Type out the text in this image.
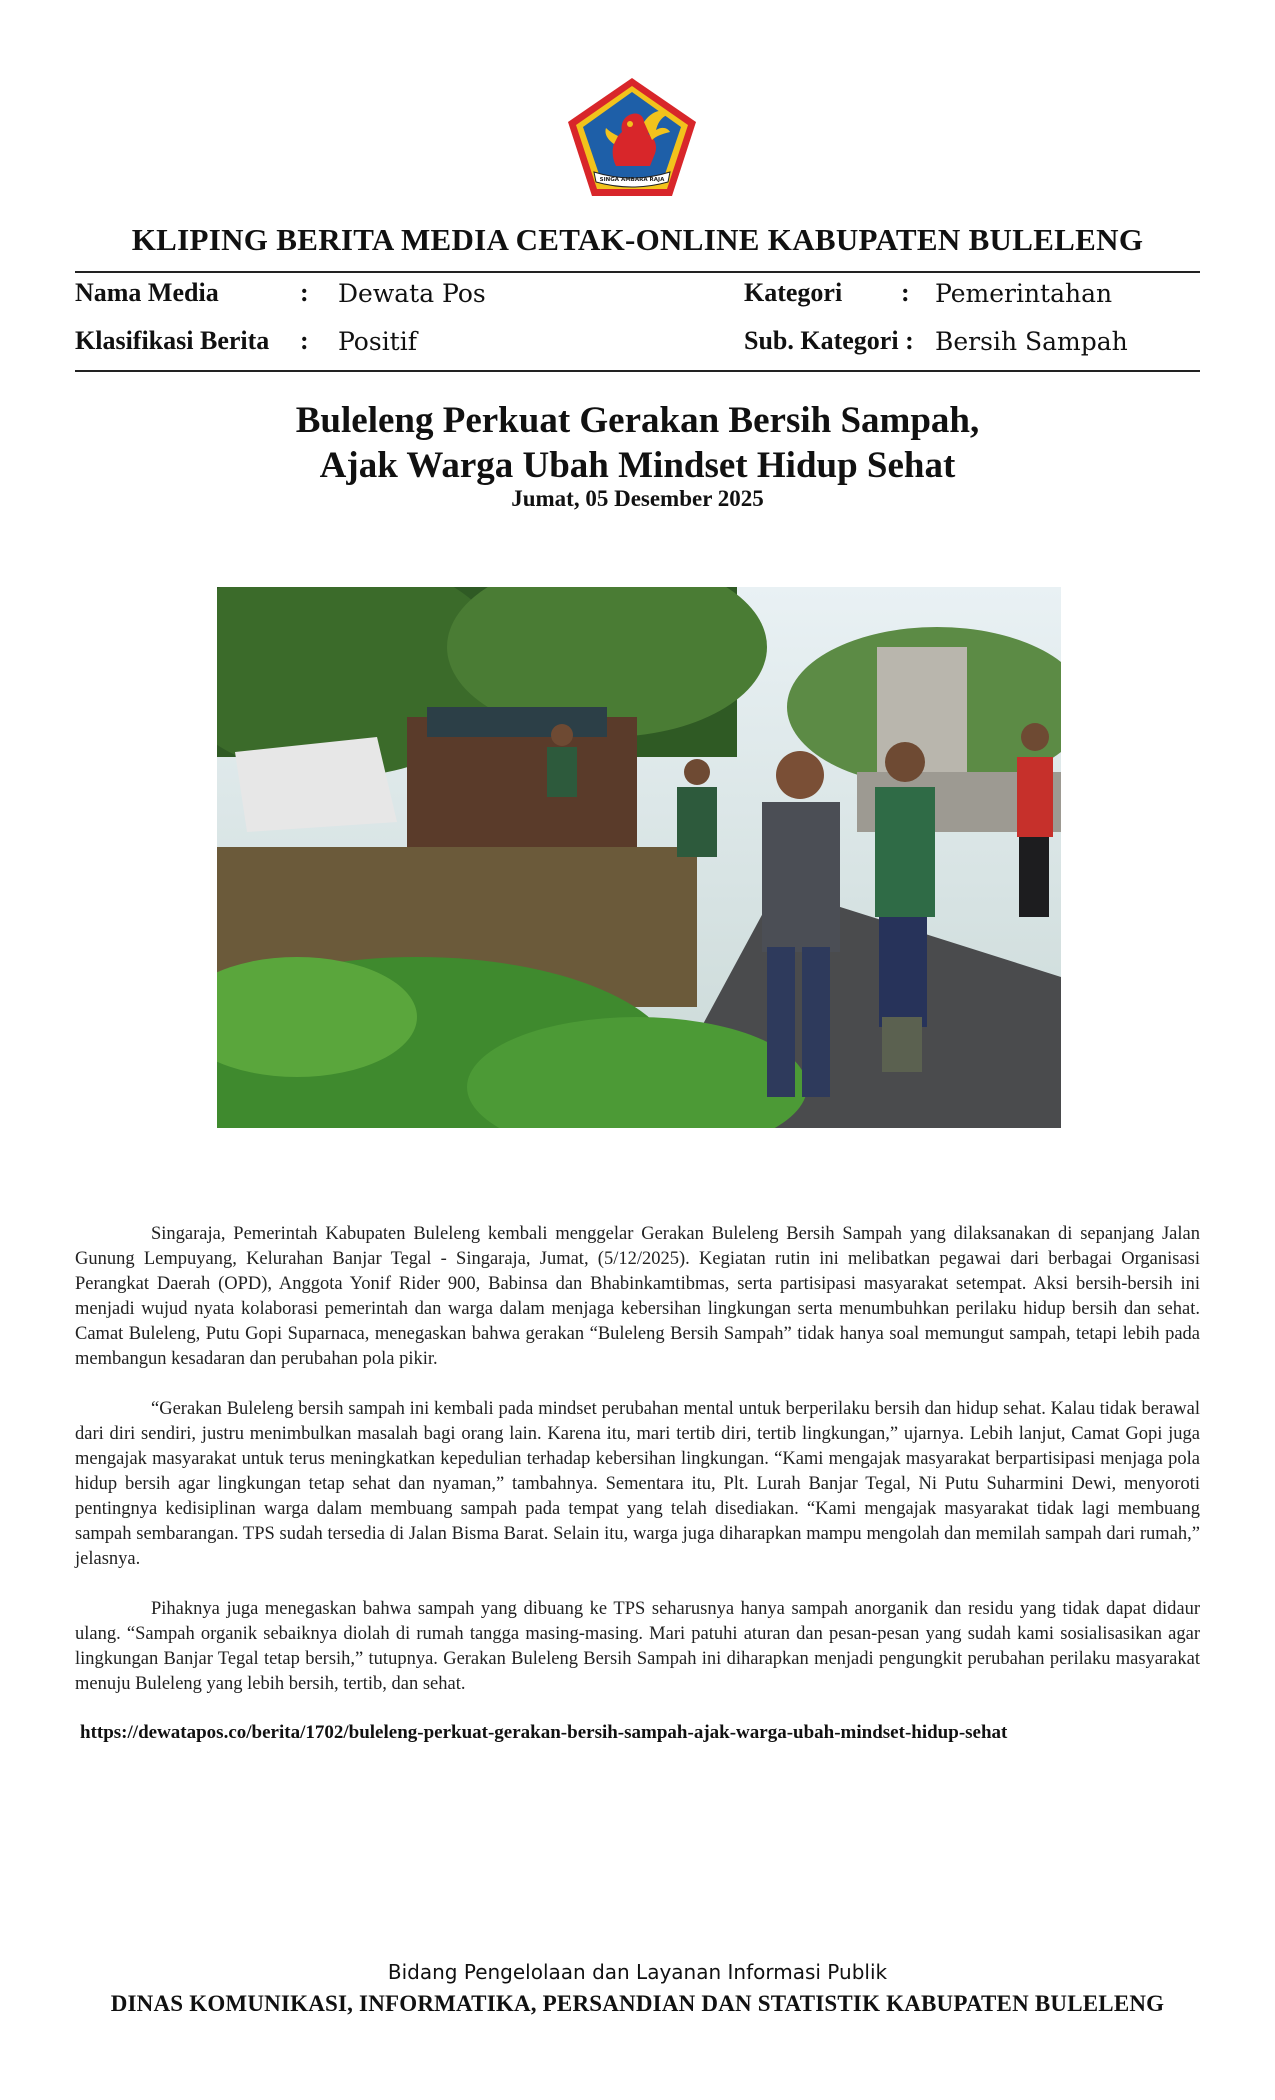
SINGA AMBARA RAJA
KLIPING BERITA MEDIA CETAK-ONLINE KABUPATEN BULELENG
Nama Media	: Dewata Pos	Kategori : Pemerintahan
Klasifikasi Berita : Positif	Sub. Kategori : Bersih Sampah
Buleleng Perkuat Gerakan Bersih Sampah,
Ajak Warga Ubah Mindset Hidup Sehat
Jumat, 05 Desember 2025

Singaraja, Pemerintah Kabupaten Buleleng kembali menggelar Gerakan Buleleng Bersih Sampah yang dilaksanakan di sepanjang Jalan Gunung Lempuyang, Kelurahan Banjar Tegal - Singaraja, Jumat, (5/12/2025). Kegiatan rutin ini melibatkan pegawai dari berbagai Organisasi Perangkat Daerah (OPD), Anggota Yonif Rider 900, Babinsa dan Bhabinkamtibmas, serta partisipasi masyarakat setempat. Aksi bersih-bersih ini menjadi wujud nyata kolaborasi pemerintah dan warga dalam menjaga kebersihan lingkungan serta menumbuhkan perilaku hidup bersih dan sehat. Camat Buleleng, Putu Gopi Suparnaca, menegaskan bahwa gerakan “Buleleng Bersih Sampah” tidak hanya soal memungut sampah, tetapi lebih pada membangun kesadaran dan perubahan pola pikir.

“Gerakan Buleleng bersih sampah ini kembali pada mindset perubahan mental untuk berperilaku bersih dan hidup sehat. Kalau tidak berawal dari diri sendiri, justru menimbulkan masalah bagi orang lain. Karena itu, mari tertib diri, tertib lingkungan,” ujarnya. Lebih lanjut, Camat Gopi juga mengajak masyarakat untuk terus meningkatkan kepedulian terhadap kebersihan lingkungan. “Kami mengajak masyarakat berpartisipasi menjaga pola hidup bersih agar lingkungan tetap sehat dan nyaman,” tambahnya. Sementara itu, Plt. Lurah Banjar Tegal, Ni Putu Suharmini Dewi, menyoroti pentingnya kedisiplinan warga dalam membuang sampah pada tempat yang telah disediakan. “Kami mengajak masyarakat tidak lagi membuang sampah sembarangan. TPS sudah tersedia di Jalan Bisma Barat. Selain itu, warga juga diharapkan mampu mengolah dan memilah sampah dari rumah,” jelasnya.

Pihaknya juga menegaskan bahwa sampah yang dibuang ke TPS seharusnya hanya sampah anorganik dan residu yang tidak dapat didaur ulang. “Sampah organik sebaiknya diolah di rumah tangga masing-masing. Mari patuhi aturan dan pesan-pesan yang sudah kami sosialisasikan agar lingkungan Banjar Tegal tetap bersih,” tutupnya. Gerakan Buleleng Bersih Sampah ini diharapkan menjadi pengungkit perubahan perilaku masyarakat menuju Buleleng yang lebih bersih, tertib, dan sehat.

https://dewatapos.co/berita/1702/buleleng-perkuat-gerakan-bersih-sampah-ajak-warga-ubah-mindset-hidup-sehat
Bidang Pengelolaan dan Layanan Informasi Publik
DINAS KOMUNIKASI, INFORMATIKA, PERSANDIAN DAN STATISTIK KABUPATEN BULELENG
